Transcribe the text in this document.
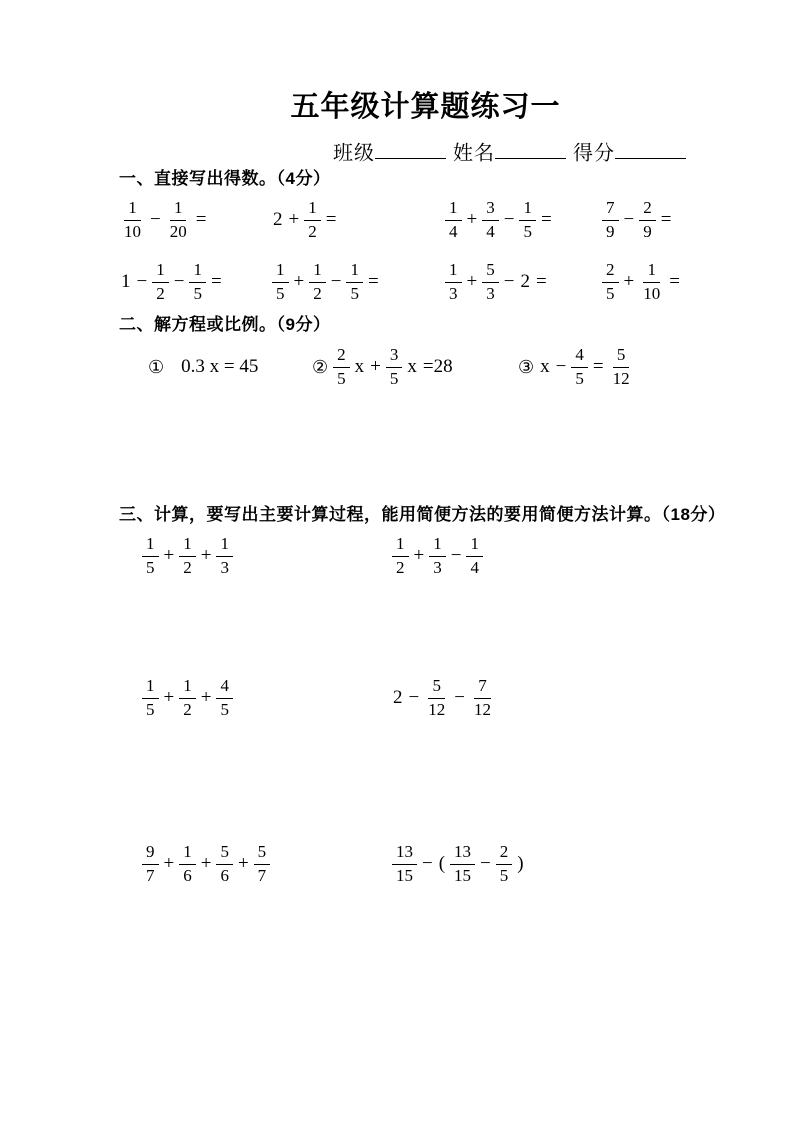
五年级计算题练习一
班级	姓名	得分
一、直接写出得数。（4分）
$\frac{1}{10} - \frac{1}{20}$ =	$2 + \frac{1}{2}$ =	$\frac{1}{4} + \frac{3}{4} - \frac{1}{5}$ =	$\frac{7}{9} - \frac{2}{9}$ =
$1 - \frac{1}{2} - \frac{1}{5}$ =	$\frac{1}{5} + \frac{1}{2} - \frac{1}{5}$ =	$\frac{1}{3} + \frac{5}{3} - 2$ =	$\frac{2}{5} + \frac{1}{10}$ =
二、解方程或比例。（9分）
① 0.3 x = 45	② $\frac{2}{5}$ $x + \frac{3}{5}$ x =28	③ $x - \frac{4}{5} = \frac{5}{12}$
三、计算，要写出主要计算过程，能用简便方法的要用简便方法计算。（18分）
$\frac{1}{5} + \frac{1}{2} + \frac{1}{3}$	$\frac{1}{2} + \frac{1}{3} - \frac{1}{4}$
$\frac{1}{5} + \frac{1}{2} + \frac{4}{5}$	$2 - \frac{5}{12} - \frac{7}{12}$
$\frac{9}{7} + \frac{1}{6} + \frac{5}{6} + \frac{5}{7}$	$\frac{13}{15}$ − ( $\frac{13}{15} - \frac{2}{5}$ )
